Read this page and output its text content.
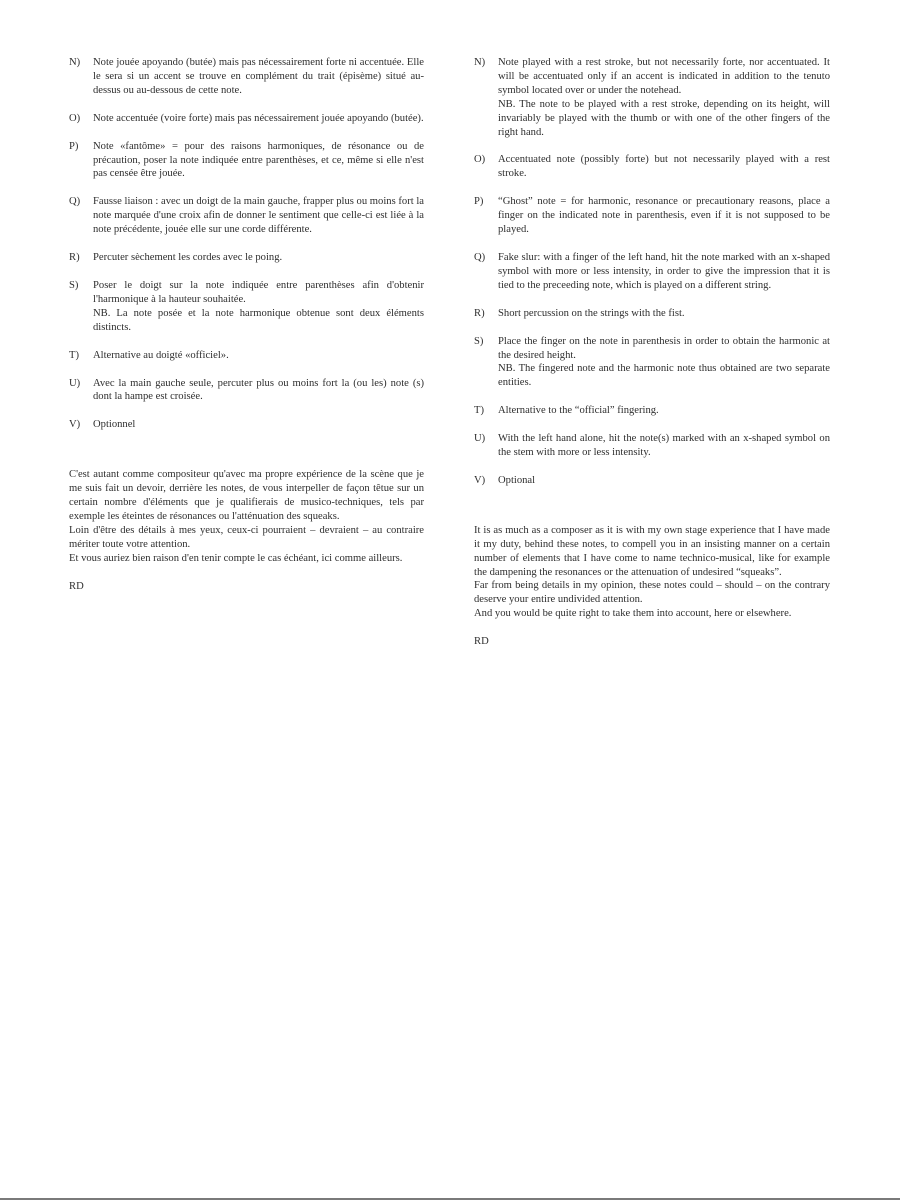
N)	Note jouée apoyando (butée) mais pas nécessairement forte ni accentuée. Elle le sera si un accent se trouve en complément du trait (épisème) situé au-dessus ou au-dessous de cette note.
O)	Note accentuée (voire forte) mais pas nécessairement jouée apoyando (butée).
P)	Note «fantôme» = pour des raisons harmoniques, de résonance ou de précaution, poser la note indiquée entre parenthèses, et ce, même si elle n'est pas censée être jouée.
Q)	Fausse liaison : avec un doigt de la main gauche, frapper plus ou moins fort la note marquée d'une croix afin de donner le sentiment que celle-ci est liée à la note précédente, jouée elle sur une corde différente.
R)	Percuter sèchement les cordes avec le poing.
S)	Poser le doigt sur la note indiquée entre parenthèses afin d'obtenir l'harmonique à la hauteur souhaitée.
NB. La note posée et la note harmonique obtenue sont deux éléments distincts.
T)	Alternative au doigté «officiel».
U)	Avec la main gauche seule, percuter plus ou moins fort la (ou les) note (s) dont la hampe est croisée.
V)	Optionnel

C'est autant comme compositeur qu'avec ma propre expérience de la scène que je me suis fait un devoir, derrière les notes, de vous interpeller de façon têtue sur un certain nombre d'éléments que je qualifierais de musico-techniques, tels par exemple les éteintes de résonances ou l'atténuation des squeaks.

Loin d'être des détails à mes yeux, ceux-ci pourraient – devraient – au contraire mériter toute votre attention.

Et vous auriez bien raison d'en tenir compte le cas échéant, ici comme ailleurs.

RD
N)	Note played with a rest stroke, but not necessarily forte, nor accentuated. It will be accentuated only if an accent is indicated in addition to the tenuto symbol located over or under the notehead.
NB. The note to be played with a rest stroke, depending on its height, will invariably be played with the thumb or with one of the other fingers of the right hand.
O)	Accentuated note (possibly forte) but not necessarily played with a rest stroke.
P)	“Ghost” note = for harmonic, resonance or precautionary reasons, place a finger on the indicated note in parenthesis, even if it is not supposed to be played.
Q)	Fake slur: with a finger of the left hand, hit the note marked with an x-shaped symbol with more or less intensity, in order to give the impression that it is tied to the preceeding note, which is played on a different string.
R)	Short percussion on the strings with the fist.
S)	Place the finger on the note in parenthesis in order to obtain the harmonic at the desired height.
NB. The fingered note and the harmonic note thus obtained are two separate entities.
T)	Alternative to the “official” fingering.
U)	With the left hand alone, hit the note(s) marked with an x-shaped symbol on the stem with more or less intensity.
V)	Optional

It is as much as a composer as it is with my own stage experience that I have made it my duty, behind these notes, to compell you in an insisting manner on a certain number of elements that I have come to name technico-musical, like for example the dampening the resonances or the attenuation of undesired “squeaks”.

Far from being details in my opinion, these notes could – should – on the contrary deserve your entire undivided attention.

And you would be quite right to take them into account, here or elsewhere.

RD
